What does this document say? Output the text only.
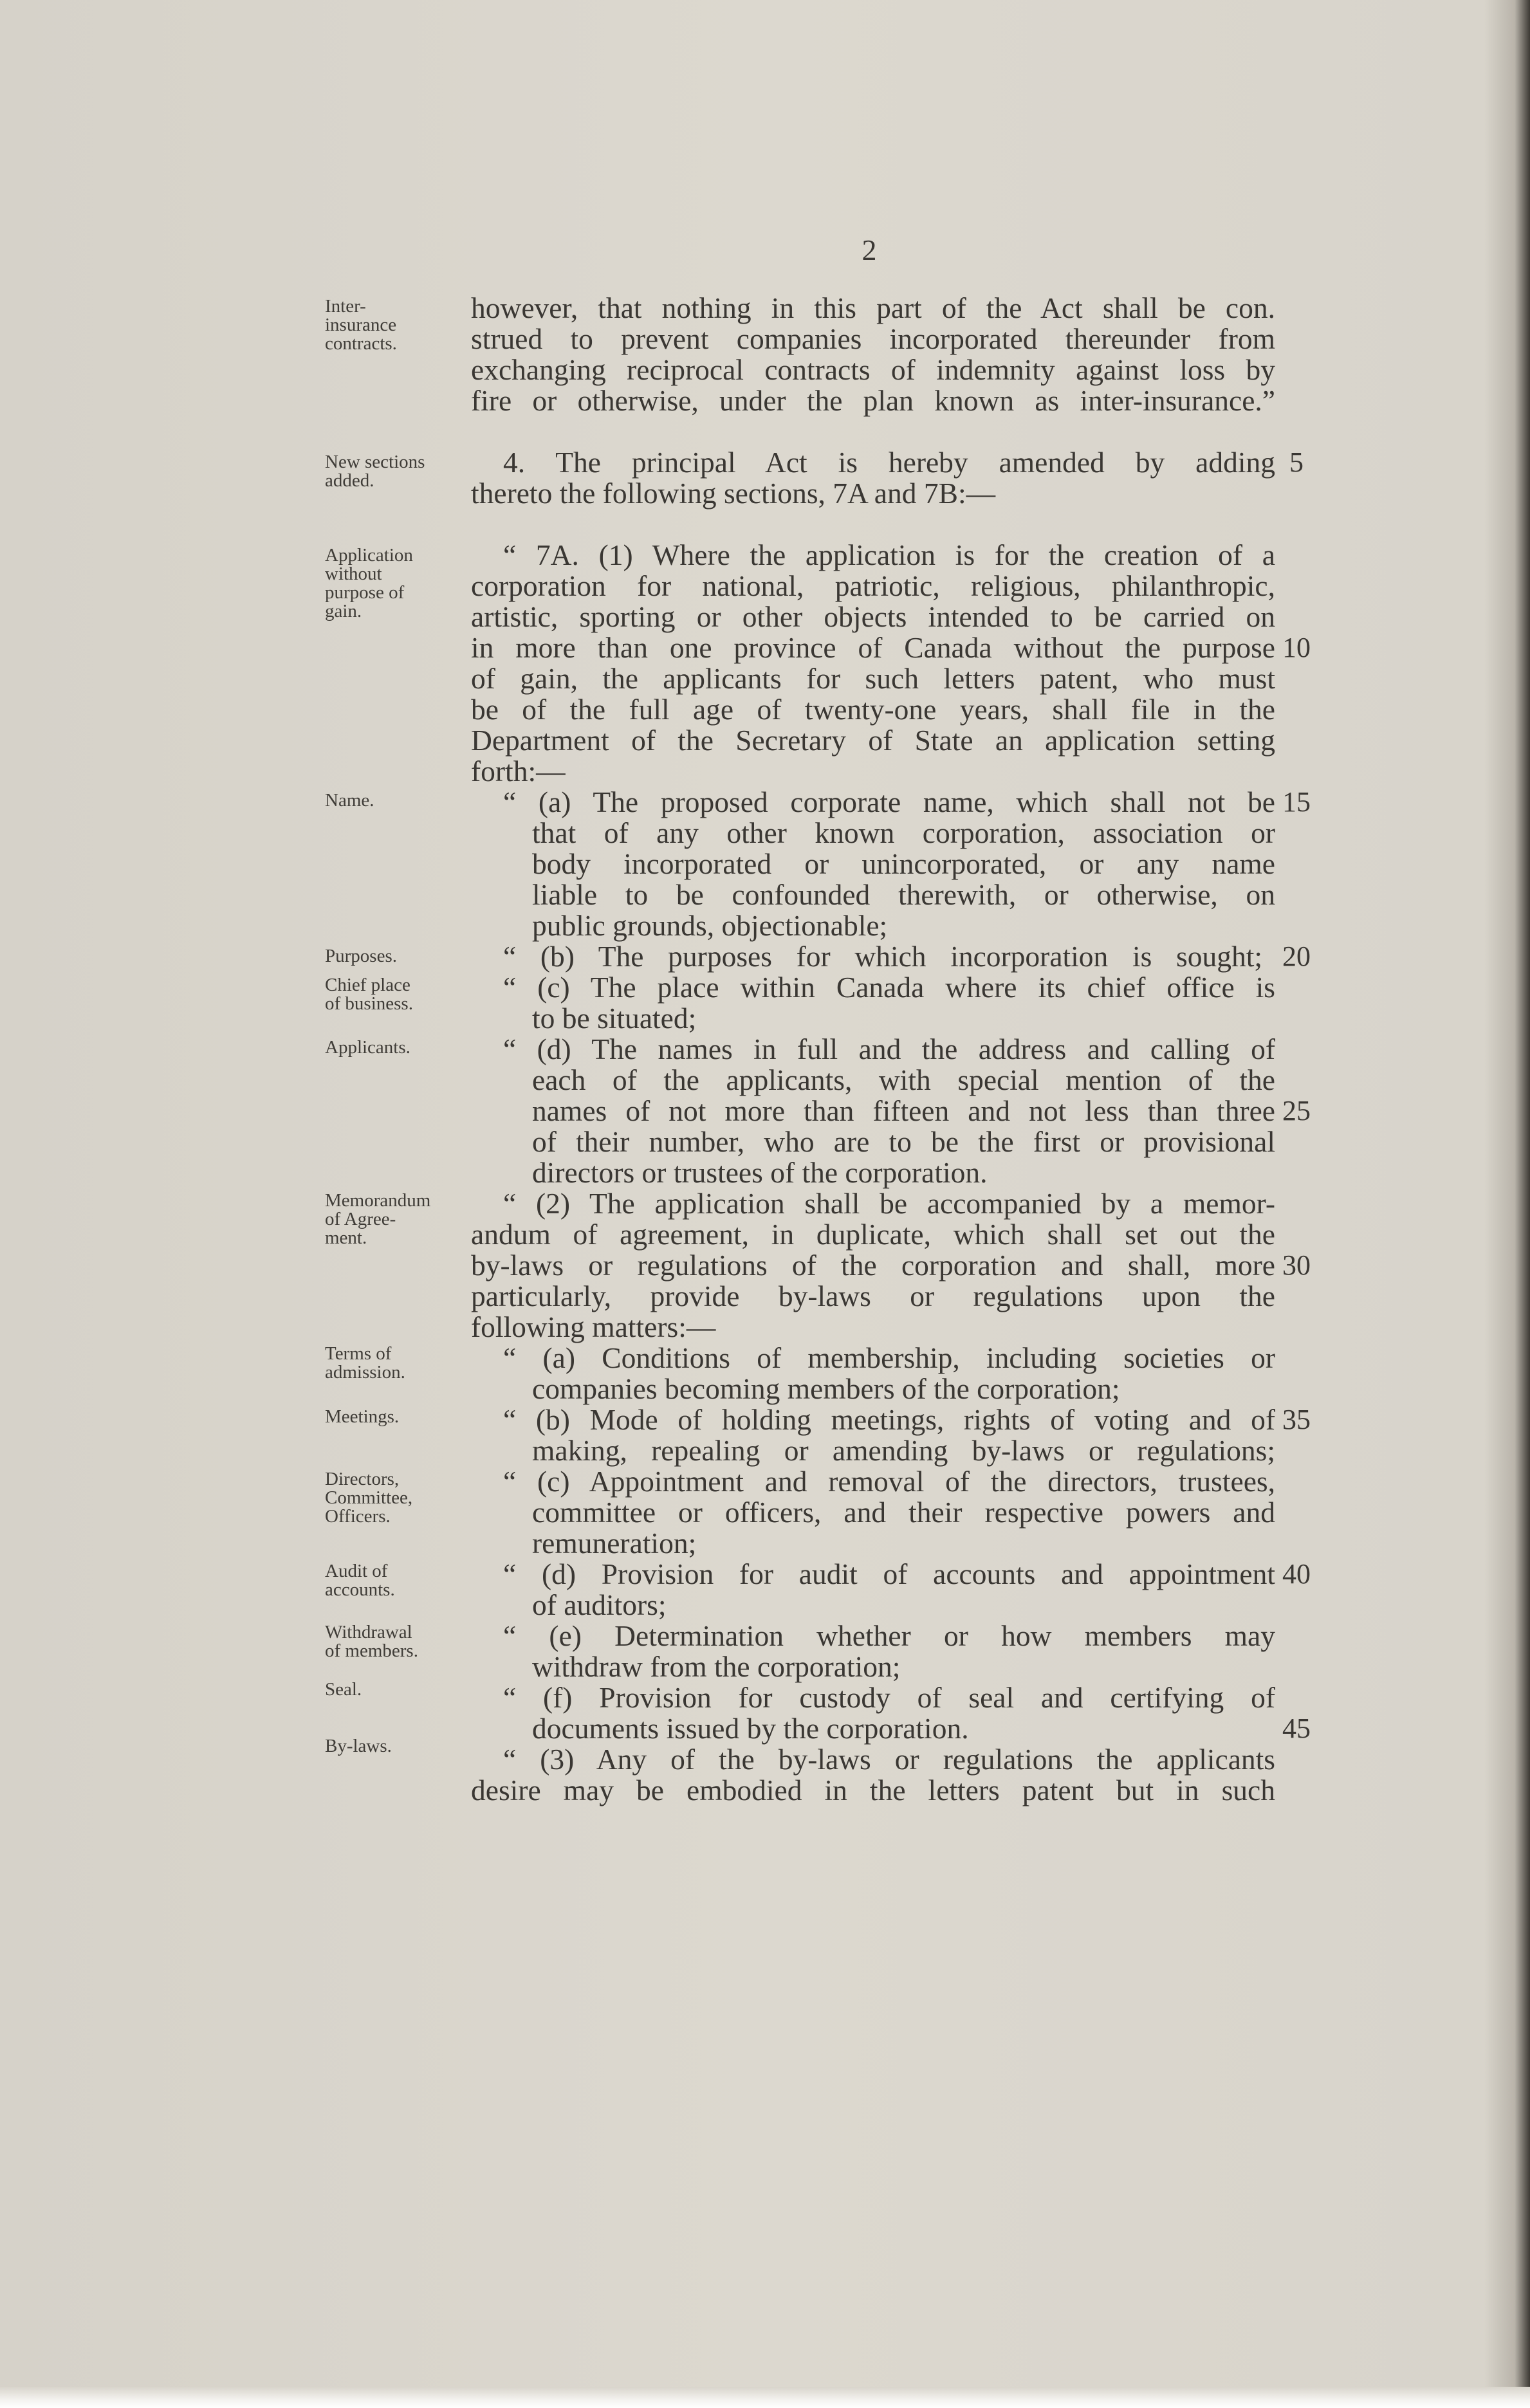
2
Inter-
insurance
contracts.
New sections
added.
Application
without
purpose of
gain.
Name.
Purposes.
Chief place
of business.
Applicants.
Memorandum
of Agree-
ment.
Terms of
admission.
Meetings.
Directors,
Committee,
Officers.
Audit of
accounts.
Withdrawal
of members.
Seal.
By-laws.
however, that nothing in this part of the Act shall be con.
strued to prevent companies incorporated thereunder from
exchanging reciprocal contracts of indemnity against loss by
fire or otherwise, under the plan known as inter-insurance.”
4. The principal Act is hereby amended by adding
thereto the following sections, 7A and 7B:—
“ 7A. (1) Where the application is for the creation of a
corporation for national, patriotic, religious, philanthropic,
artistic, sporting or other objects intended to be carried on
in more than one province of Canada without the purpose
of gain, the applicants for such letters patent, who must
be of the full age of twenty-one years, shall file in the
Department of the Secretary of State an application setting
forth:—
“ (a) The proposed corporate name, which shall not be
that of any other known corporation, association or
body incorporated or unincorporated, or any name
liable to be confounded therewith, or otherwise, on
public grounds, objectionable;
“ (b) The purposes for which incorporation is sought;
“ (c) The place within Canada where its chief office is
to be situated;
“ (d) The names in full and the address and calling of
each of the applicants, with special mention of the
names of not more than fifteen and not less than three
of their number, who are to be the first or provisional
directors or trustees of the corporation.
“ (2) The application shall be accompanied by a memor-
andum of agreement, in duplicate, which shall set out the
by-laws or regulations of the corporation and shall, more
particularly, provide by-laws or regulations upon the
following matters:—
“ (a) Conditions of membership, including societies or
companies becoming members of the corporation;
“ (b) Mode of holding meetings, rights of voting and of
making, repealing or amending by-laws or regulations;
“ (c) Appointment and removal of the directors, trustees,
committee or officers, and their respective powers and
remuneration;
“ (d) Provision for audit of accounts and appointment
of auditors;
“ (e) Determination whether or how members may
withdraw from the corporation;
“ (f) Provision for custody of seal and certifying of
documents issued by the corporation.
“ (3) Any of the by-laws or regulations the applicants
desire may be embodied in the letters patent but in such
5
10
15
20
25
30
35
40
45
